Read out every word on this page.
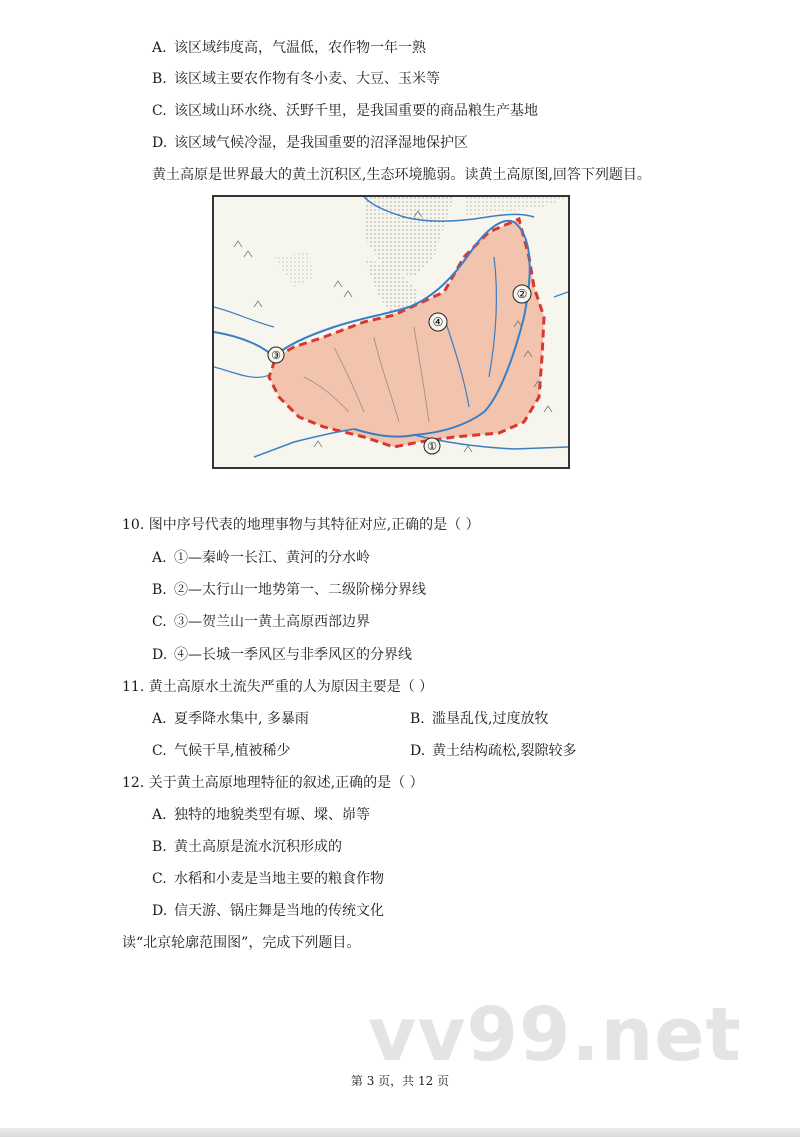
A. 该区域纬度高，气温低，农作物一年一熟
B. 该区域主要农作物有冬小麦、大豆、玉米等
C. 该区域山环水绕、沃野千里，是我国重要的商品粮生产基地
D. 该区域气候冷湿，是我国重要的沼泽湿地保护区
黄土高原是世界最大的黄土沉积区,生态环境脆弱。读黄土高原图,回答下列题目。
②
④
③
①
10. 图中序号代表的地理事物与其特征对应,正确的是（ ）
A. ①—秦岭一长江、黄河的分水岭
B. ②—太行山一地势第一、二级阶梯分界线
C. ③—贺兰山一黄土高原西部边界
D. ④—长城一季风区与非季风区的分界线
11. 黄土高原水土流失严重的人为原因主要是（ ）
A. 夏季降水集中, 多暴雨	B. 滥垦乱伐,过度放牧
C. 气候干旱,植被稀少	D. 黄土结构疏松,裂隙较多
12. 关于黄土高原地理特征的叙述,正确的是（ ）
A. 独特的地貌类型有塬、墚、峁等
B. 黄土高原是流水沉积形成的
C. 水稻和小麦是当地主要的粮食作物
D. 信天游、锅庄舞是当地的传统文化
读“北京轮廓范围图”，完成下列题目。
vv99.net
第 3 页，共 12 页
